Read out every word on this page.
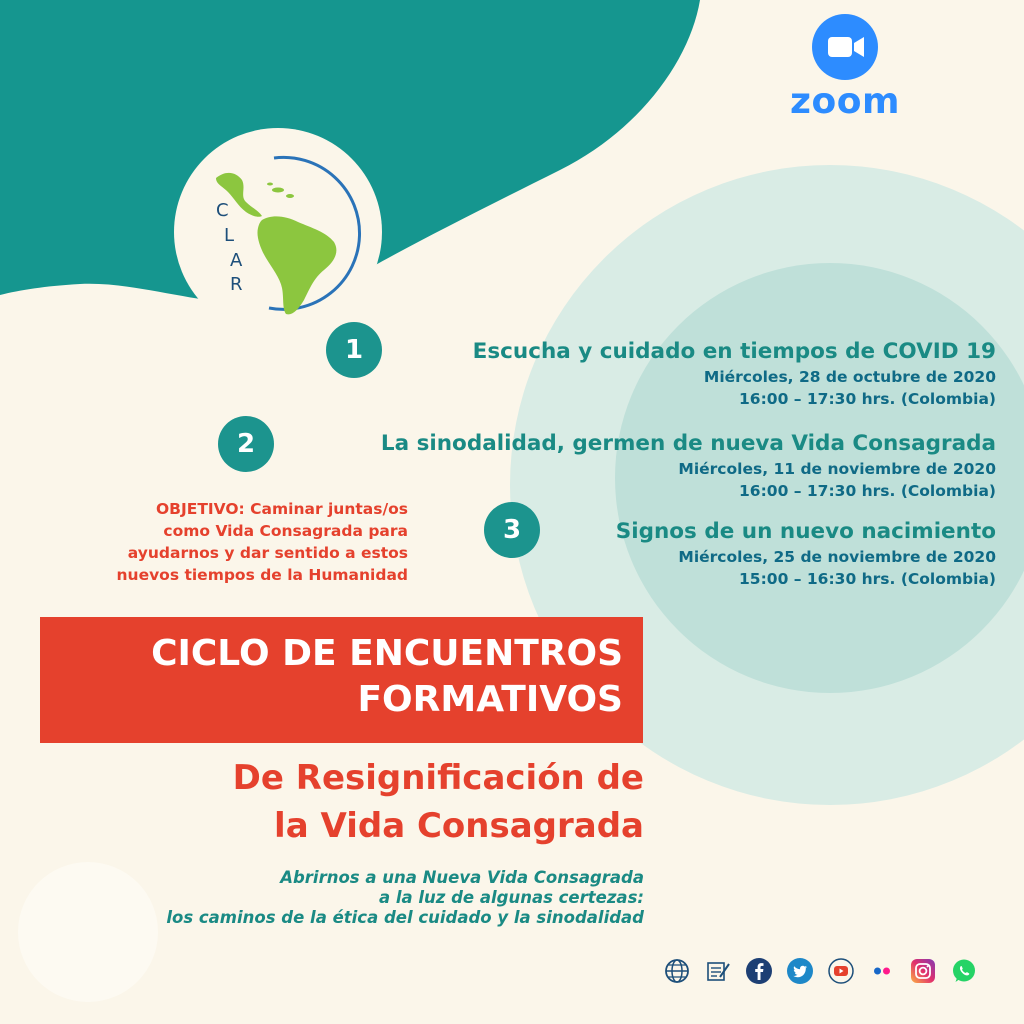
zoom
C
L
A
R
1	Escucha y cuidado en tiempos de COVID 19
Miércoles, 28 de octubre de 2020
16:00 – 17:30 hrs. (Colombia)
2	La sinodalidad, germen de nueva Vida Consagrada
Miércoles, 11 de noviembre de 2020
16:00 – 17:30 hrs. (Colombia)
3	Signos de un nuevo nacimiento
Miércoles, 25 de noviembre de 2020
15:00 – 16:30 hrs. (Colombia)
OBJETIVO: Caminar juntas/os
como Vida Consagrada para
ayudarnos y dar sentido a estos
nuevos tiempos de la Humanidad
CICLO DE ENCUENTROS
FORMATIVOS
De Resignificación de
la Vida Consagrada
Abrirnos a una Nueva Vida Consagrada
a la luz de algunas certezas:
los caminos de la ética del cuidado y la sinodalidad
